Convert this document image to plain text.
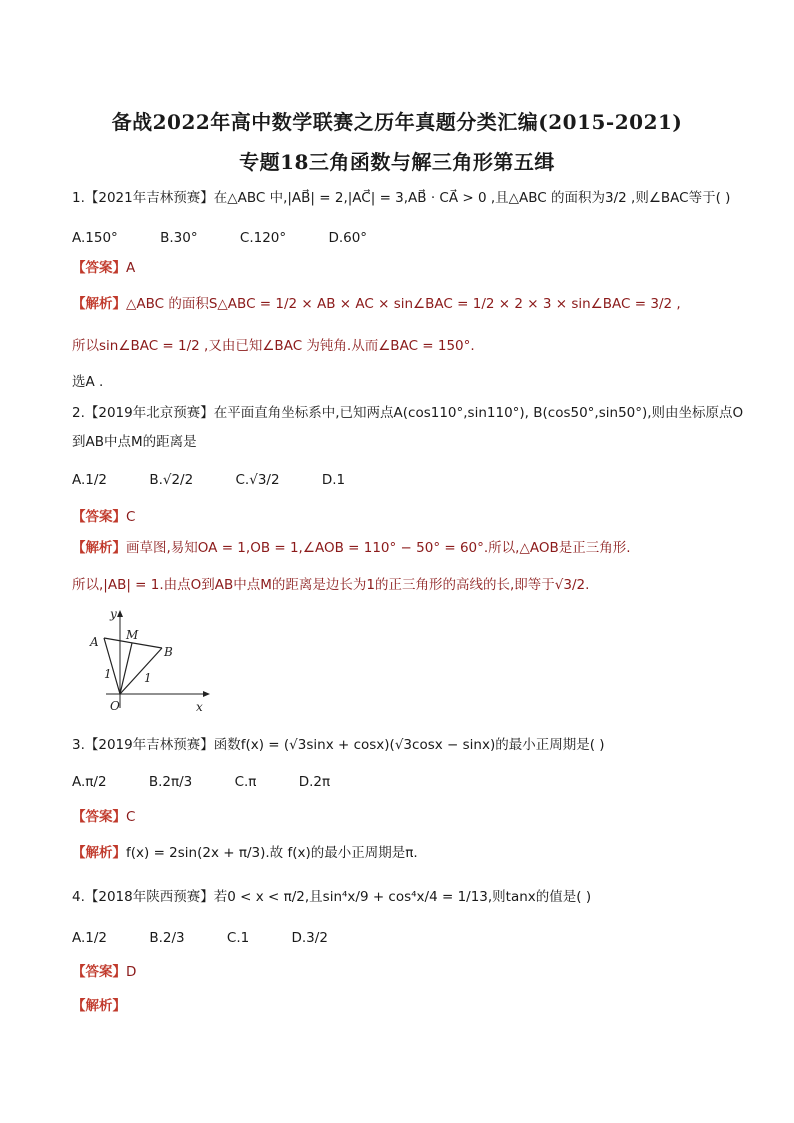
备战2022年高中数学联赛之历年真题分类汇编(2015-2021)
专题18三角函数与解三角形第五缉
1.【2021年吉林预赛】在△ABC 中,|AB⃗| = 2,|AC⃗| = 3,AB⃗ · CA⃗ > 0 ,且△ABC 的面积为3/2 ,则∠BAC等于( )
A.150°	B.30°	C.120°	D.60°
【答案】A
【解析】△ABC 的面积S△ABC = 1/2 × AB × AC × sin∠BAC = 1/2 × 2 × 3 × sin∠BAC = 3/2 ,
所以sin∠BAC = 1/2 ,又由已知∠BAC 为钝角.从而∠BAC = 150°.
选A .
2.【2019年北京预赛】在平面直角坐标系中,已知两点A(cos110°,sin110°), B(cos50°,sin50°),则由坐标原点O
到AB中点M的距离是
A.1/2	B.√2/2	C.√3/2	D.1
【答案】C
【解析】画草图,易知OA = 1,OB = 1,∠AOB = 110° − 50° = 60°.所以,△AOB是正三角形.
所以,|AB| = 1.由点O到AB中点M的距离是边长为1的正三角形的高线的长,即等于√3/2.
x
y
O
A M
B
1	1
3.【2019年吉林预赛】函数f(x) = (√3sinx + cosx)(√3cosx − sinx)的最小正周期是( )
A.π/2	B.2π/3	C.π	D.2π
【答案】C
【解析】f(x) = 2sin(2x + π/3).故 f(x)的最小正周期是π.
4.【2018年陕西预赛】若0 < x < π/2,且sin⁴x/9 + cos⁴x/4 = 1/13,则tanx的值是( )
A.1/2	B.2/3	C.1	D.3/2
【答案】D
【解析】
